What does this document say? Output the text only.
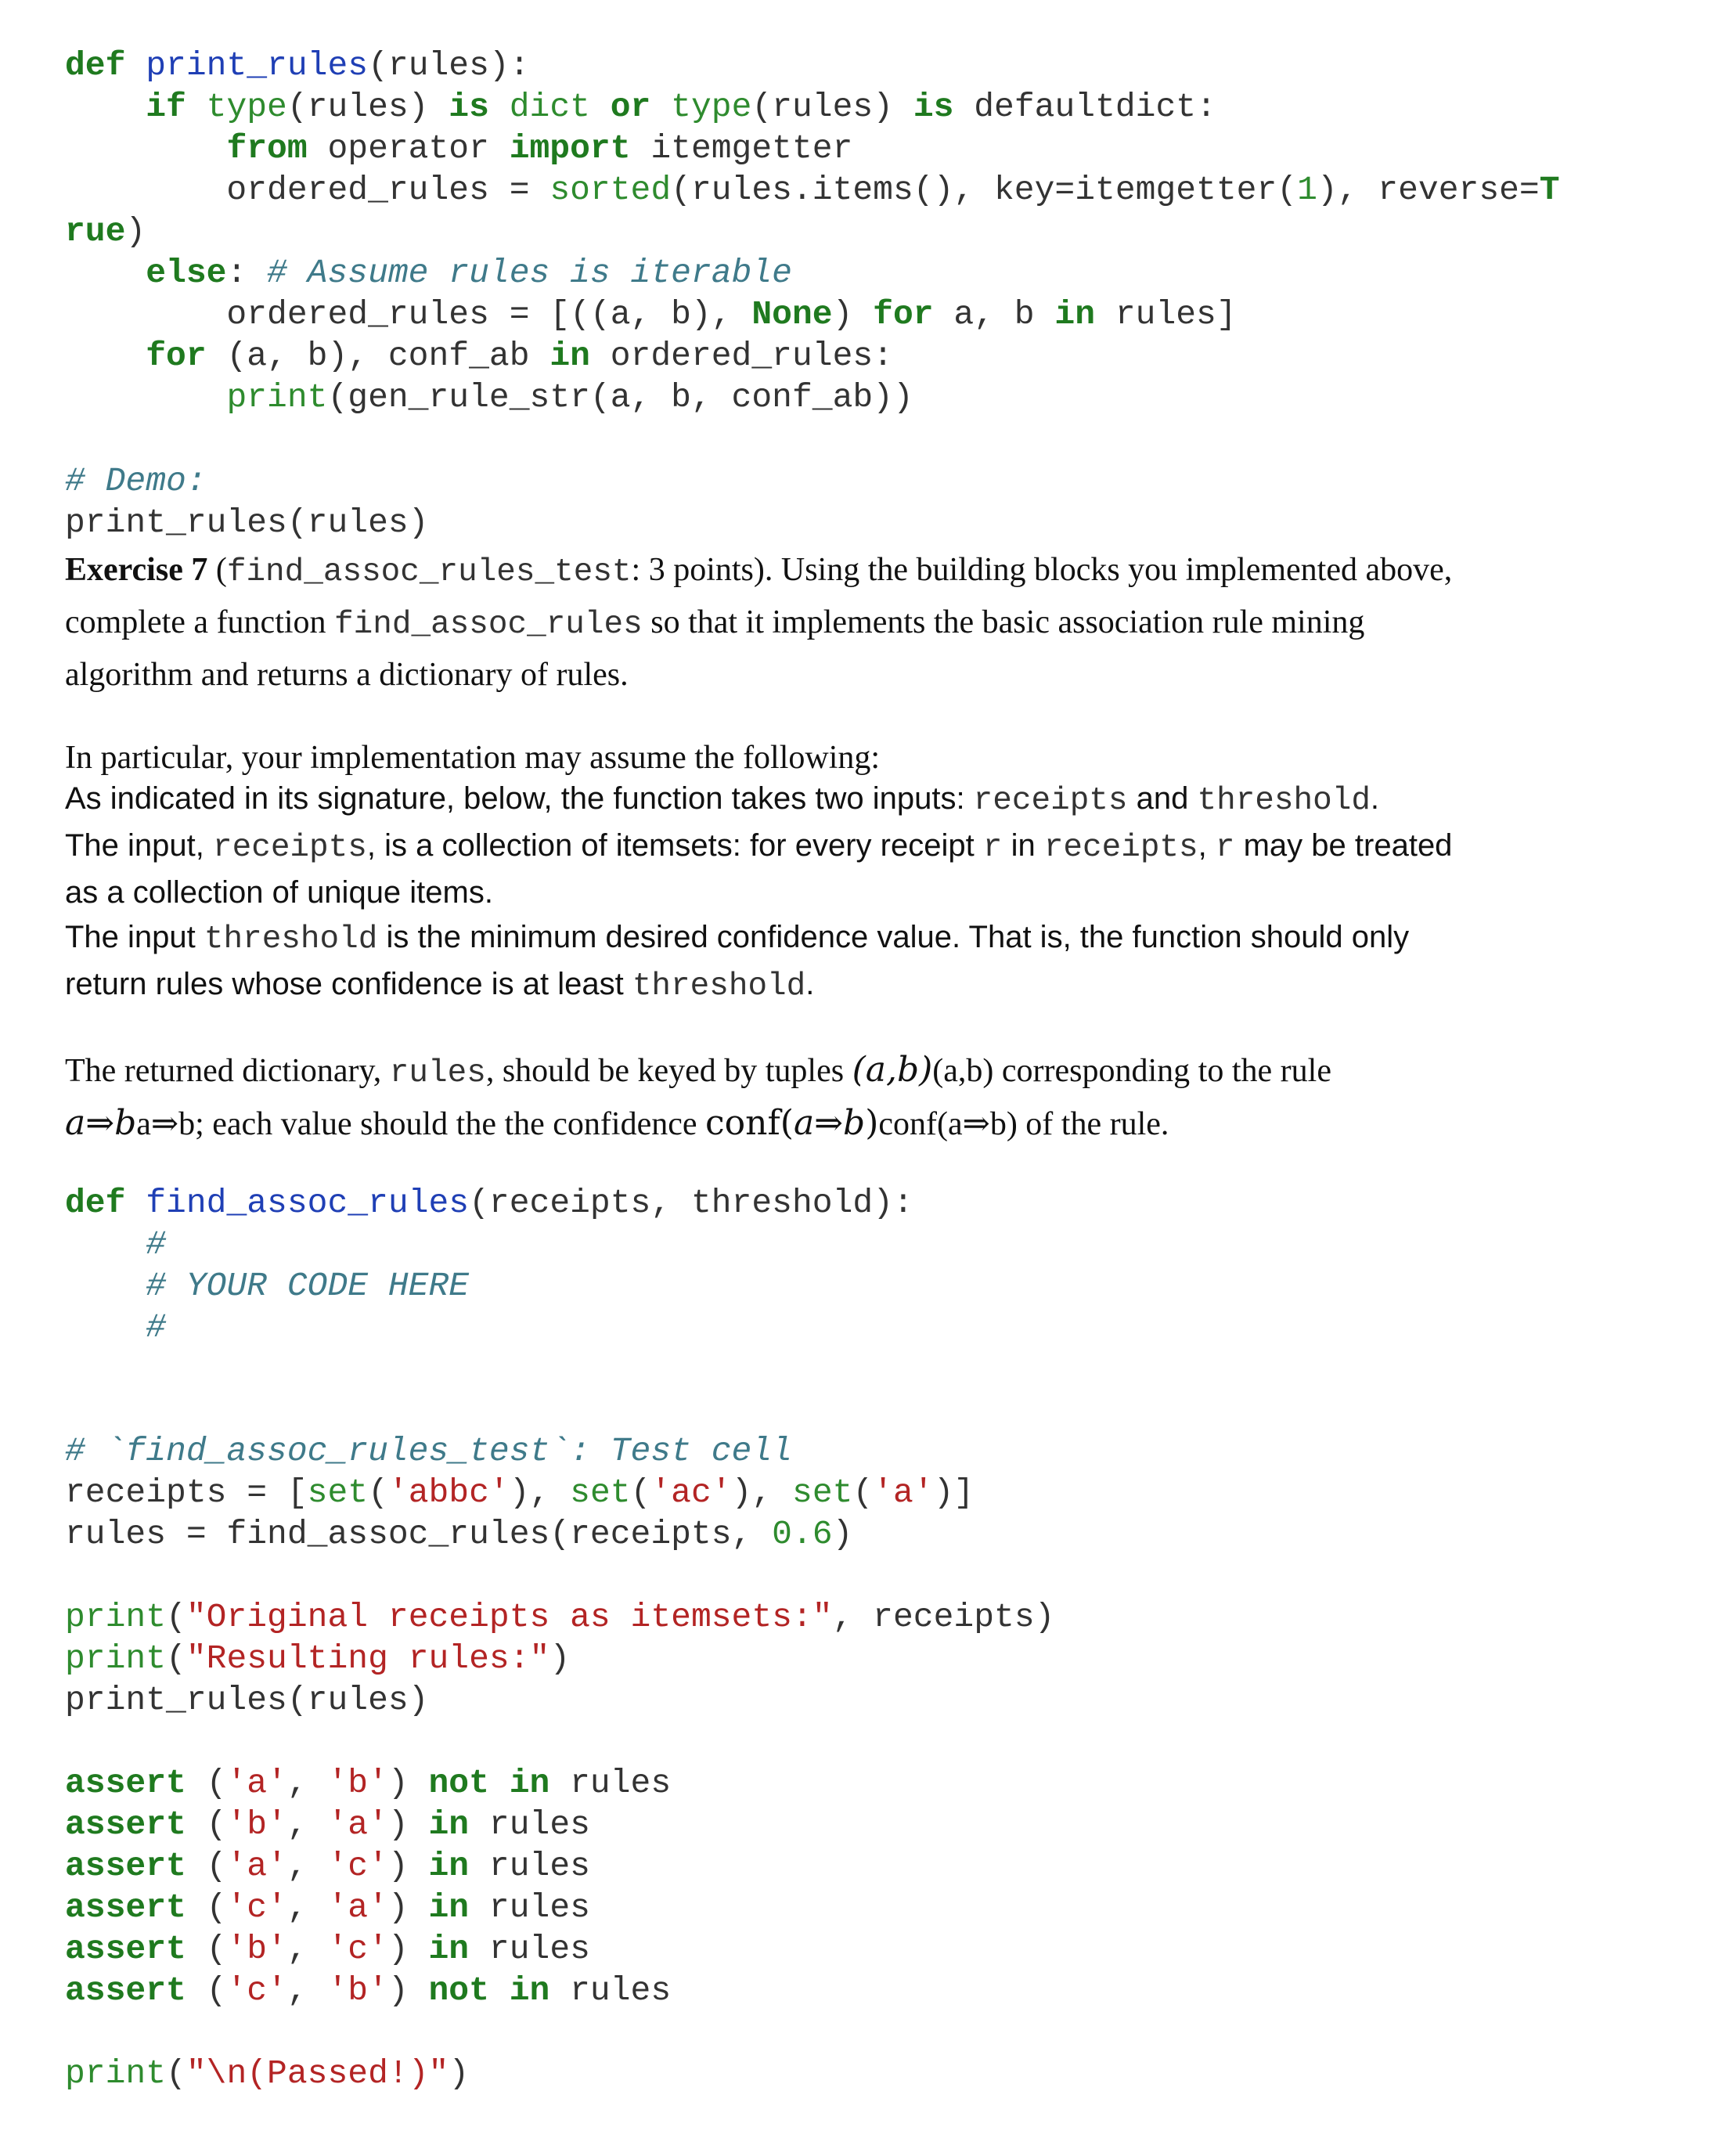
def print_rules(rules):
if type(rules) is dict or type(rules) is defaultdict:
from operator import itemgetter
ordered_rules = sorted(rules.items(), key=itemgetter(1), reverse=T
rue)
else: # Assume rules is iterable
ordered_rules = [((a, b), None) for a, b in rules]
for (a, b), conf_ab in ordered_rules:
print(gen_rule_str(a, b, conf_ab))
# Demo:
print_rules(rules)
Exercise 7 (find_assoc_rules_test: 3 points). Using the building blocks you implemented above,
complete a function find_assoc_rules so that it implements the basic association rule mining
algorithm and returns a dictionary of rules.
In particular, your implementation may assume the following:
As indicated in its signature, below, the function takes two inputs: receipts and threshold.
The input, receipts, is a collection of itemsets: for every receipt r in receipts, r may be treated
as a collection of unique items.
The input threshold is the minimum desired confidence value. That is, the function should only
return rules whose confidence is at least threshold.
The returned dictionary, rules, should be keyed by tuples (a,b)(a,b) corresponding to the rule
a⇒ba⇒b; each value should the the confidence conf(a⇒b)conf(a⇒b) of the rule.
def find_assoc_rules(receipts, threshold):
#
# YOUR CODE HERE
#
# `find_assoc_rules_test`: Test cell
receipts = [set('abbc'), set('ac'), set('a')]
rules = find_assoc_rules(receipts, 0.6)

print("Original receipts as itemsets:", receipts)
print("Resulting rules:")
print_rules(rules)

assert ('a', 'b') not in rules
assert ('b', 'a') in rules
assert ('a', 'c') in rules
assert ('c', 'a') in rules
assert ('b', 'c') in rules
assert ('c', 'b') not in rules

print("\n(Passed!)")
